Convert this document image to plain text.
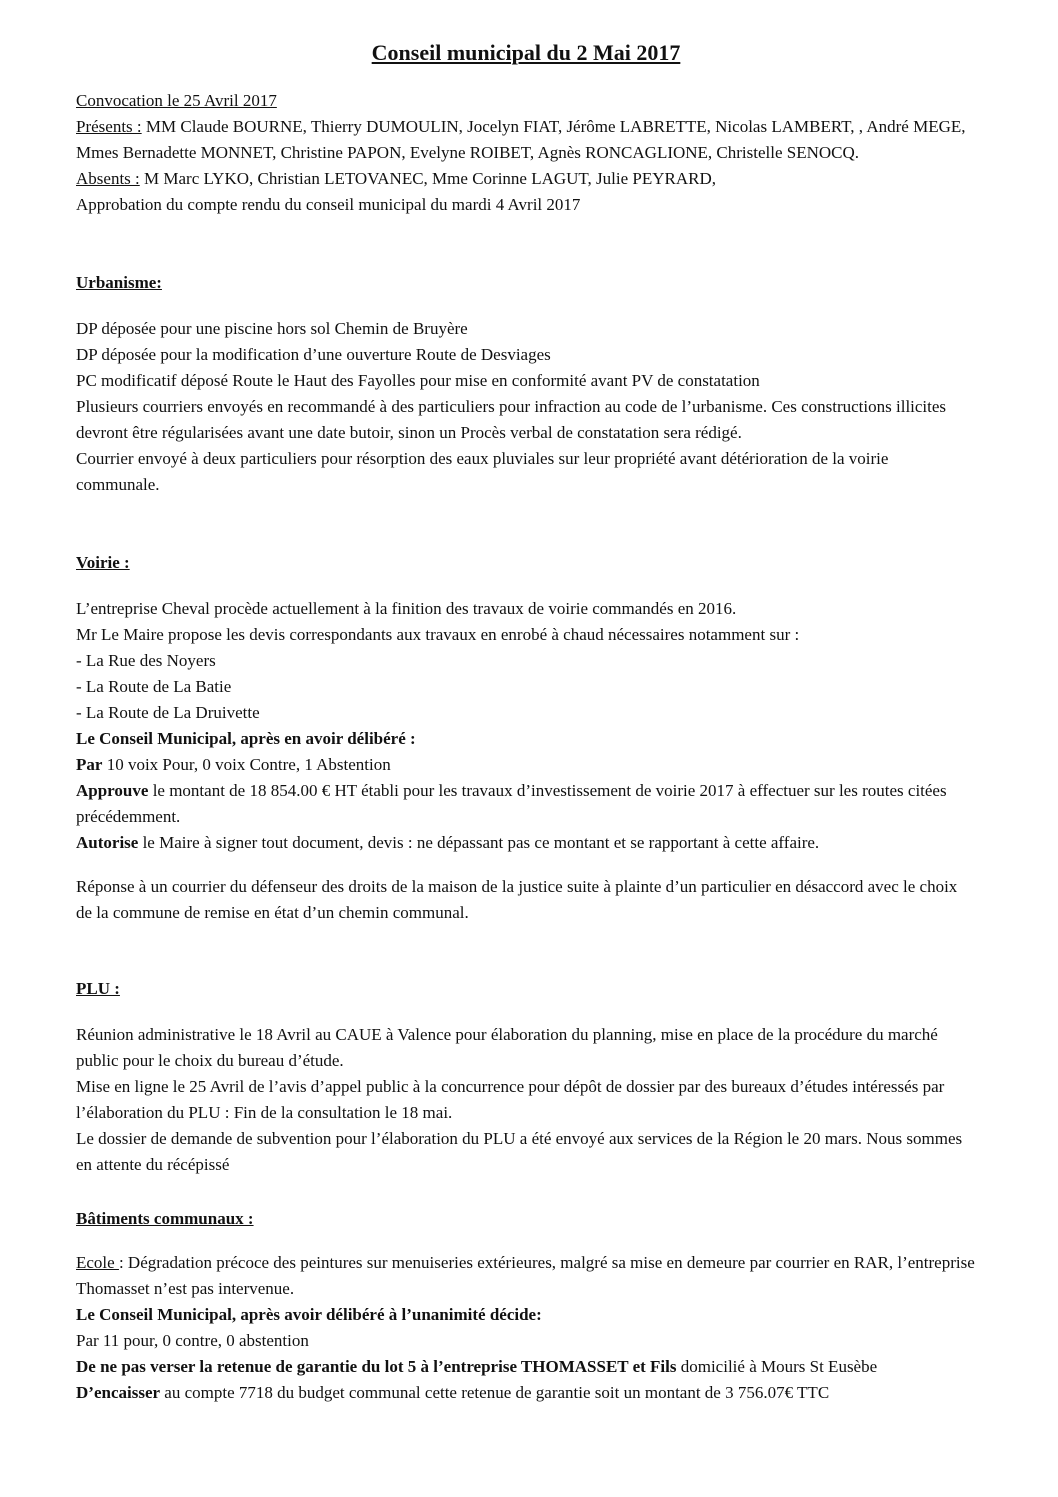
Conseil municipal du 2 Mai 2017

Convocation le 25 Avril 2017

Présents : MM Claude BOURNE, Thierry DUMOULIN, Jocelyn FIAT, Jérôme LABRETTE, Nicolas LAMBERT, , André MEGE, Mmes Bernadette MONNET, Christine PAPON, Evelyne ROIBET, Agnès RONCAGLIONE, Christelle SENOCQ.

Absents : M Marc LYKO, Christian LETOVANEC, Mme Corinne LAGUT, Julie PEYRARD,

Approbation du compte rendu du conseil municipal du mardi 4 Avril 2017

Urbanisme:

DP déposée pour une piscine hors sol Chemin de Bruyère

DP déposée pour la modification d’une ouverture Route de Desviages

PC modificatif déposé Route le Haut des Fayolles pour mise en conformité avant PV de constatation

Plusieurs courriers envoyés en recommandé à des particuliers pour infraction au code de l’urbanisme. Ces constructions illicites devront être régularisées avant une date butoir, sinon un Procès verbal de constatation sera rédigé.

Courrier envoyé à deux particuliers pour résorption des eaux pluviales sur leur propriété avant détérioration de la voirie communale.

Voirie :

L’entreprise Cheval procède actuellement à la finition des travaux de voirie commandés en 2016.

Mr Le Maire propose les devis correspondants aux travaux en enrobé à chaud nécessaires notamment sur :

- La Rue des Noyers

- La Route de La Batie

- La Route de La Druivette

Le Conseil Municipal, après en avoir délibéré :

Par 10 voix Pour, 0 voix Contre, 1 Abstention

Approuve le montant de 18 854.00 € HT établi pour les travaux d’investissement de voirie 2017 à effectuer sur les routes citées précédemment.

Autorise le Maire à signer tout document, devis : ne dépassant pas ce montant et se rapportant à cette affaire.

Réponse à un courrier du défenseur des droits de la maison de la justice suite à plainte d’un particulier en désaccord avec le choix de la commune de remise en état d’un chemin communal.

PLU :

Réunion administrative le 18 Avril au CAUE à Valence pour élaboration du planning, mise en place de la procédure du marché public pour le choix du bureau d’étude.

Mise en ligne le 25 Avril de l’avis d’appel public à la concurrence pour dépôt de dossier par des bureaux d’études intéressés par l’élaboration du PLU : Fin de la consultation le 18 mai.

Le dossier de demande de subvention pour l’élaboration du PLU a été envoyé aux services de la Région le 20 mars. Nous sommes en attente du récépissé

Bâtiments communaux :

Ecole : Dégradation précoce des peintures sur menuiseries extérieures, malgré sa mise en demeure par courrier en RAR, l’entreprise Thomasset n’est pas intervenue.

Le Conseil Municipal, après avoir délibéré à l’unanimité décide:

Par 11 pour, 0 contre, 0 abstention

De ne pas verser la retenue de garantie du lot 5 à l’entreprise THOMASSET et Fils domicilié à Mours St Eusèbe

D’encaisser au compte 7718 du budget communal cette retenue de garantie soit un montant de 3 756.07€ TTC
